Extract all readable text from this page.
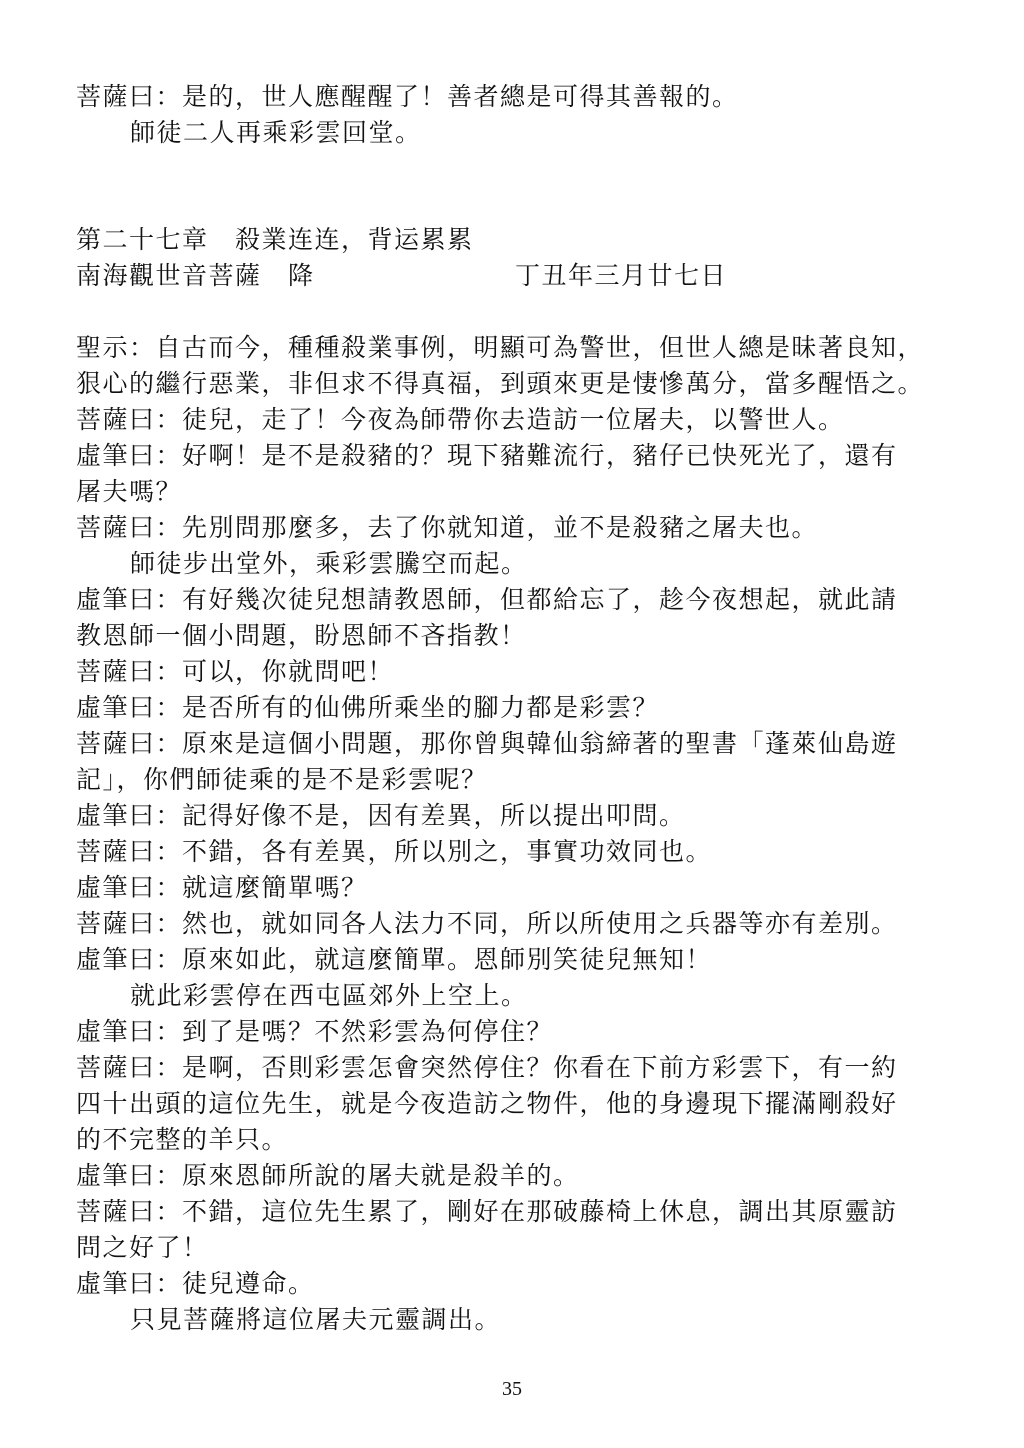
菩薩曰：是的，世人應醒醒了！善者總是可得其善報的。
師徒二人再乘彩雲回堂。
第二十七章　殺業连连，背运累累
南海觀世音菩薩　降	丁丑年三月廿七日
聖示：自古而今，種種殺業事例，明顯可為警世，但世人總是昧著良知，
狠心的繼行惡業，非但求不得真福，到頭來更是悽慘萬分，當多醒悟之。
菩薩曰：徒兒，走了！今夜為師帶你去造訪一位屠夫，以警世人。
虛筆曰：好啊！是不是殺豬的？現下豬難流行，豬仔已快死光了，還有
屠夫嗎？
菩薩曰：先別問那麼多，去了你就知道，並不是殺豬之屠夫也。
師徒步出堂外，乘彩雲騰空而起。
虛筆曰：有好幾次徒兒想請教恩師，但都給忘了，趁今夜想起，就此請
教恩師一個小問題，盼恩師不吝指教！
菩薩曰：可以，你就問吧！
虛筆曰：是否所有的仙佛所乘坐的腳力都是彩雲？
菩薩曰：原來是這個小問題，那你曾與韓仙翁締著的聖書「蓬萊仙島遊
記」，你們師徒乘的是不是彩雲呢？
虛筆曰：記得好像不是，因有差異，所以提出叩問。
菩薩曰：不錯，各有差異，所以別之，事實功效同也。
虛筆曰：就這麼簡單嗎？
菩薩曰：然也，就如同各人法力不同，所以所使用之兵器等亦有差別。
虛筆曰：原來如此，就這麼簡單。恩師別笑徒兒無知！
就此彩雲停在西屯區郊外上空上。
虛筆曰：到了是嗎？不然彩雲為何停住？
菩薩曰：是啊，否則彩雲怎會突然停住？你看在下前方彩雲下，有一約
四十出頭的這位先生，就是今夜造訪之物件，他的身邊現下擺滿剛殺好
的不完整的羊只。
虛筆曰：原來恩師所說的屠夫就是殺羊的。
菩薩曰：不錯，這位先生累了，剛好在那破藤椅上休息，調出其原靈訪
問之好了！
虛筆曰：徒兒遵命。
只見菩薩將這位屠夫元靈調出。
35
